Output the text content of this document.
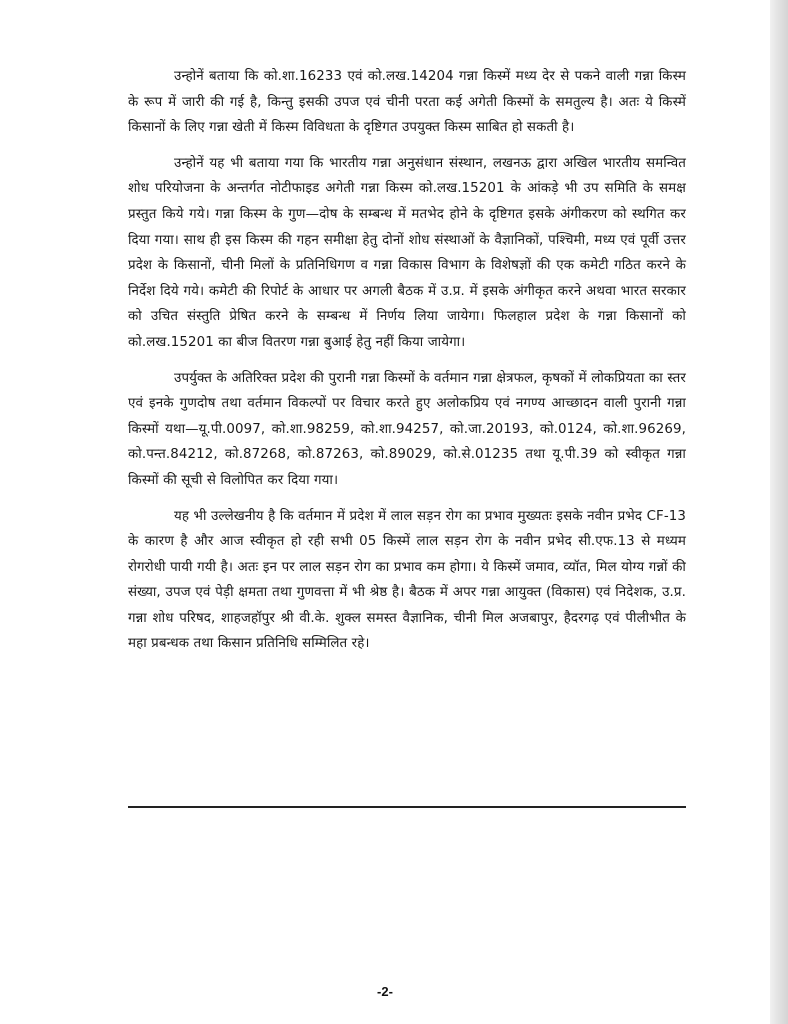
उन्होनें बताया कि को.शा.16233 एवं को.लख.14204 गन्ना किस्में मध्य देर से पकने वाली गन्ना किस्म के रूप में जारी की गई है, किन्तु इसकी उपज एवं चीनी परता कई अगेती किस्मों के समतुल्य है। अतः ये किस्में किसानों के लिए गन्ना खेती में किस्म विविधता के दृष्टिगत उपयुक्त किस्म साबित हो सकती है।

उन्होनें यह भी बताया गया कि भारतीय गन्ना अनुसंधान संस्थान, लखनऊ द्वारा अखिल भारतीय समन्वित शोध परियोजना के अन्तर्गत नोटीफाइड अगेती गन्ना किस्म को.लख.15201 के आंकड़े भी उप समिति के समक्ष प्रस्तुत किये गये। गन्ना किस्म के गुण—दोष के सम्बन्ध में मतभेद होने के दृष्टिगत इसके अंगीकरण को स्थगित कर दिया गया। साथ ही इस किस्म की गहन समीक्षा हेतु दोनों शोध संस्थाओं के वैज्ञानिकों, पश्चिमी, मध्य एवं पूर्वी उत्तर प्रदेश के किसानों, चीनी मिलों के प्रतिनिधिगण व गन्ना विकास विभाग के विशेषज्ञों की एक कमेटी गठित करने के निर्देश दिये गये। कमेटी की रिपोर्ट के आधार पर अगली बैठक में उ.प्र. में इसके अंगीकृत करने अथवा भारत सरकार को उचित संस्तुति प्रेषित करने के सम्बन्ध में निर्णय लिया जायेगा। फिलहाल प्रदेश के गन्ना किसानों को को.लख.15201 का बीज वितरण गन्ना बुआई हेतु नहीं किया जायेगा।

उपर्युक्त के अतिरिक्त प्रदेश की पुरानी गन्ना किस्मों के वर्तमान गन्ना क्षेत्रफल, कृषकों में लोकप्रियता का स्तर एवं इनके गुणदोष तथा वर्तमान विकल्पों पर विचार करते हुए अलोकप्रिय एवं नगण्य आच्छादन वाली पुरानी गन्ना किस्मों यथा—यू.पी.0097, को.शा.98259, को.शा.94257, को.जा.20193, को.0124, को.शा.96269, को.पन्त.84212, को.87268, को.87263, को.89029, को.से.01235 तथा यू.पी.39 को स्वीकृत गन्ना किस्मों की सूची से विलोपित कर दिया गया।

यह भी उल्लेखनीय है कि वर्तमान में प्रदेश में लाल सड़न रोग का प्रभाव मुख्यतः इसके नवीन प्रभेद CF-13 के कारण है और आज स्वीकृत हो रही सभी 05 किस्में लाल सड़न रोग के नवीन प्रभेद सी.एफ.13 से मध्यम रोगरोधी पायी गयी है। अतः इन पर लाल सड़न रोग का प्रभाव कम होगा। ये किस्में जमाव, व्यॉत, मिल योग्य गन्नों की संख्या, उपज एवं पेड़ी क्षमता तथा गुणवत्ता में भी श्रेष्ठ है। बैठक में अपर गन्ना आयुक्त (विकास) एवं निदेशक, उ.प्र. गन्ना शोध परिषद, शाहजहॉपुर श्री वी.के. शुक्ल समस्त वैज्ञानिक, चीनी मिल अजबापुर, हैदरगढ़ एवं पीलीभीत के महा प्रबन्धक तथा किसान प्रतिनिधि सम्मिलित रहे।

-2-
